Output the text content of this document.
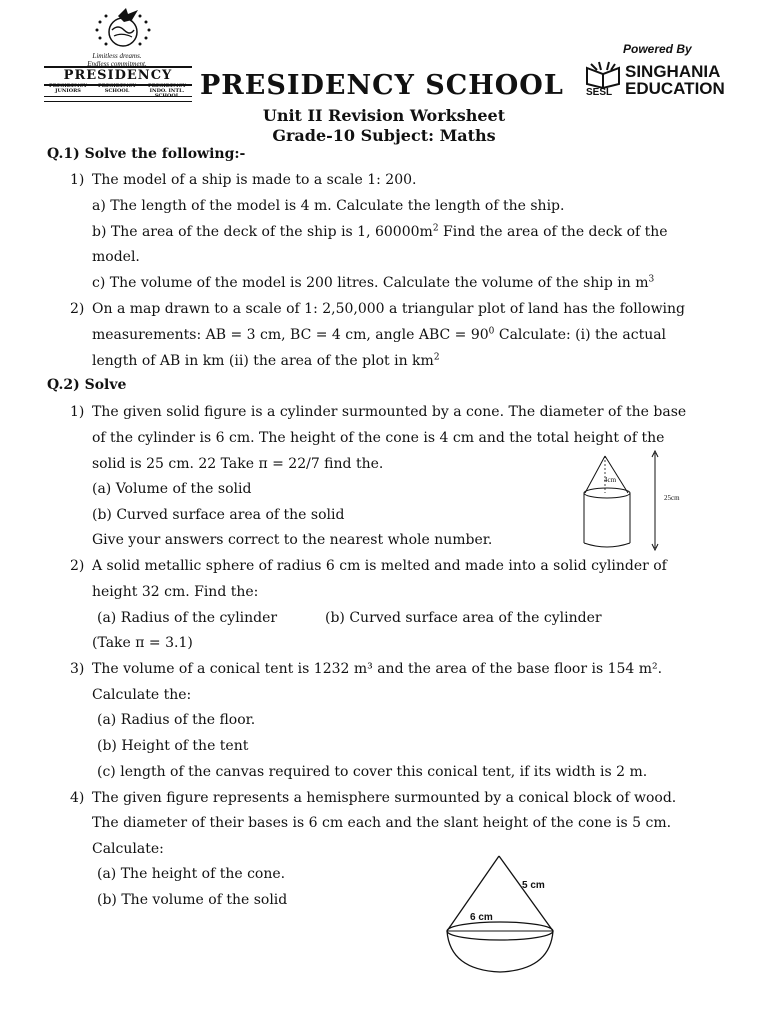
Limitless dreams.
Endless commitment.
PRESIDENCY
PRESIDENCY JUNIORS
PRESIDENCY SCHOOL
PRESIDENCY INDO. INTL. SCHOOL PRESIDENCY SCHOOL
Powered By
SINGHANIA
EDUCATION
SESL
Unit II Revision Worksheet
Grade-10 Subject: Maths
Q.1) Solve the following:-
1) The model of a ship is made to a scale 1: 200.
a) The length of the model is 4 m. Calculate the length of the ship.
b) The area of the deck of the ship is 1, $60000m^2$ Find the area of the deck of the
model.
c) The volume of the model is 200 litres. Calculate the volume of the ship in $m^3$
2) On a map drawn to a scale of 1: 2,50,000 a triangular plot of land has the following
measurements: AB = 3 cm, BC = 4 cm, angle ABC = $90^0$ Calculate: (i) the actual
length of AB in km (ii) the area of the plot in $km^2$
Q.2) Solve
1) The given solid figure is a cylinder surmounted by a cone. The diameter of the base
of the cylinder is 6 cm. The height of the cone is 4 cm and the total height of the
solid is 25 cm. 22 Take π = 22/7 find the.
(a) Volume of the solid
(b) Curved surface area of the solid
Give your answers correct to the nearest whole number.
4cm
25cm
2) A solid metallic sphere of radius 6 cm is melted and made into a solid cylinder of
height 32 cm. Find the:
(a) Radius of the cylinder	(b) Curved surface area of the cylinder
(Take π = 3.1)
3) The volume of a conical tent is 1232 m³ and the area of the base floor is 154 m².
Calculate the:
(a) Radius of the floor.
(b) Height of the tent
(c) length of the canvas required to cover this conical tent, if its width is 2 m.
4) The given figure represents a hemisphere surmounted by a conical block of wood.
The diameter of their bases is 6 cm each and the slant height of the cone is 5 cm.
Calculate:
(a) The height of the cone.
(b) The volume of the solid
5 cm
6 cm
